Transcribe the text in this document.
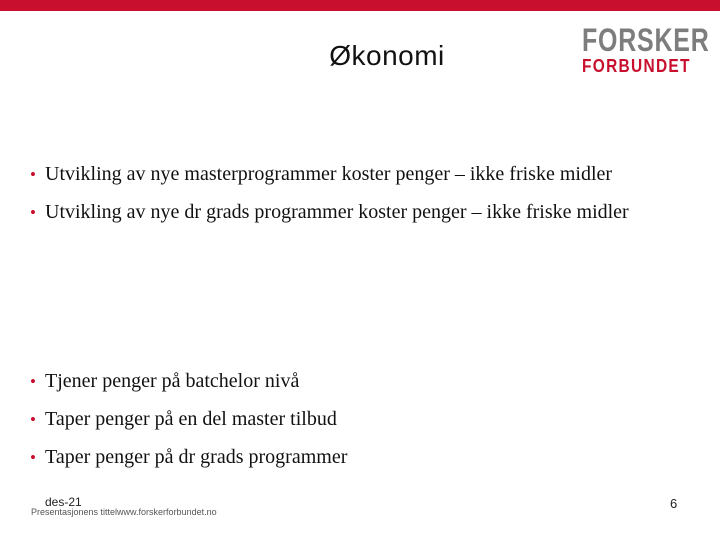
Økonomi	FORSKER
FORBUNDET
• Utvikling av nye masterprogrammer koster penger – ikke friske midler
• Utvikling av nye dr grads programmer koster penger – ikke friske midler
• Tjener penger på batchelor nivå
• Taper penger på en del master tilbud
• Taper penger på dr grads programmer
des-21
Presentasjonens tittelwww.forskerforbundet.no
6
